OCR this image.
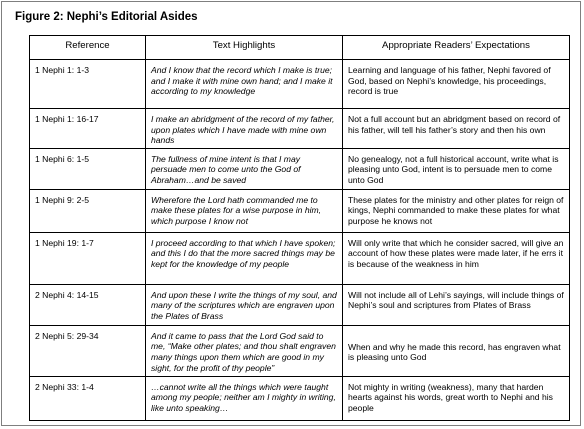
Figure 2: Nephi’s Editorial Asides
Reference	Text Highlights	Appropriate Readers’ Expectations
1 Nephi 1: 1-3	And I know that the record which I make is true; and I make it with mine own hand; and I make it according to my knowledge	Learning and language of his father, Nephi favored of God, based on Nephi’s knowledge, his proceedings, record is true
1 Nephi 1: 16-17	I make an abridgment of the record of my father, upon plates which I have made with mine own hands	Not a full account but an abridgment based on record of his father, will tell his father’s story and then his own
1 Nephi 6: 1-5	The fullness of mine intent is that I may persuade men to come unto the God of Abraham…and be saved	No genealogy, not a full historical account, write what is pleasing unto God, intent is to persuade men to come unto God
1 Nephi 9: 2-5	Wherefore the Lord hath commanded me to make these plates for a wise purpose in him, which purpose I know not	These plates for the ministry and other plates for reign of kings, Nephi commanded to make these plates for what purpose he knows not
1 Nephi 19: 1-7	I proceed according to that which I have spoken; and this I do that the more sacred things may be kept for the knowledge of my people	Will only write that which he consider sacred, will give an account of how these plates were made later, if he errs it is because of the weakness in him
2 Nephi 4: 14-15	And upon these I write the things of my soul, and many of the scriptures which are engraven upon the Plates of Brass	Will not include all of Lehi’s sayings, will include things of Nephi’s soul and scriptures from Plates of Brass
2 Nephi 5: 29-34	And it came to pass that the Lord God said to me, “Make other plates; and thou shalt engraven many things upon them which are good in my sight, for the profit of thy people”	When and why he made this record, has engraven what is pleasing unto God
2 Nephi 33: 1-4	…cannot write all the things which were taught among my people; neither am I mighty in writing, like unto speaking…	Not mighty in writing (weakness), many that harden hearts against his words, great worth to Nephi and his people
